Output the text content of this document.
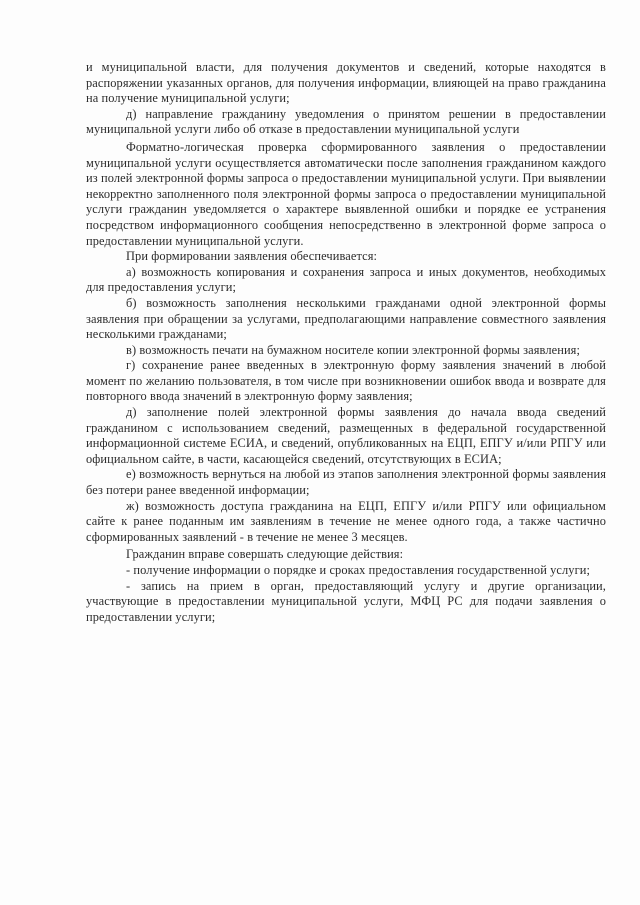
и муниципальной власти, для получения документов и сведений, которые находятся в распоряжении указанных органов, для получения информации, влияющей на право гражданина на получение муниципальной услуги;

д) направление гражданину уведомления о принятом решении в предоставлении муниципальной услуги либо об отказе в предоставлении муниципальной услуги

Форматно-логическая проверка сформированного заявления о предоставлении муниципальной услуги осуществляется автоматически после заполнения гражданином каждого из полей электронной формы запроса о предоставлении муниципальной услуги. При выявлении некорректно заполненного поля электронной формы запроса о предоставлении муниципальной услуги гражданин уведомляется о характере выявленной ошибки и порядке ее устранения посредством информационного сообщения непосредственно в электронной форме запроса о предоставлении муниципальной услуги.

При формировании заявления обеспечивается:

а) возможность копирования и сохранения запроса и иных документов, необходимых для предоставления услуги;

б) возможность заполнения несколькими гражданами одной электронной формы заявления при обращении за услугами, предполагающими направление совместного заявления несколькими гражданами;

в) возможность печати на бумажном носителе копии электронной формы заявления;

г) сохранение ранее введенных в электронную форму заявления значений в любой момент по желанию пользователя, в том числе при возникновении ошибок ввода и возврате для повторного ввода значений в электронную форму заявления;

д) заполнение полей электронной формы заявления до начала ввода сведений гражданином с использованием сведений, размещенных в федеральной государственной информационной системе ЕСИА, и сведений, опубликованных на ЕЦП, ЕПГУ и/или РПГУ или официальном сайте, в части, касающейся сведений, отсутствующих в ЕСИА;

е) возможность вернуться на любой из этапов заполнения электронной формы заявления без потери ранее введенной информации;

ж) возможность доступа гражданина на ЕЦП, ЕПГУ и/или РПГУ или официальном сайте к ранее поданным им заявлениям в течение не менее одного года, а также частично сформированных заявлений - в течение не менее 3 месяцев.

Гражданин вправе совершать следующие действия:

- получение информации о порядке и сроках предоставления государственной услуги;

- запись на прием в орган, предоставляющий услугу и другие организации, участвующие в предоставлении муниципальной услуги, МФЦ РС для подачи заявления о предоставлении услуги;
